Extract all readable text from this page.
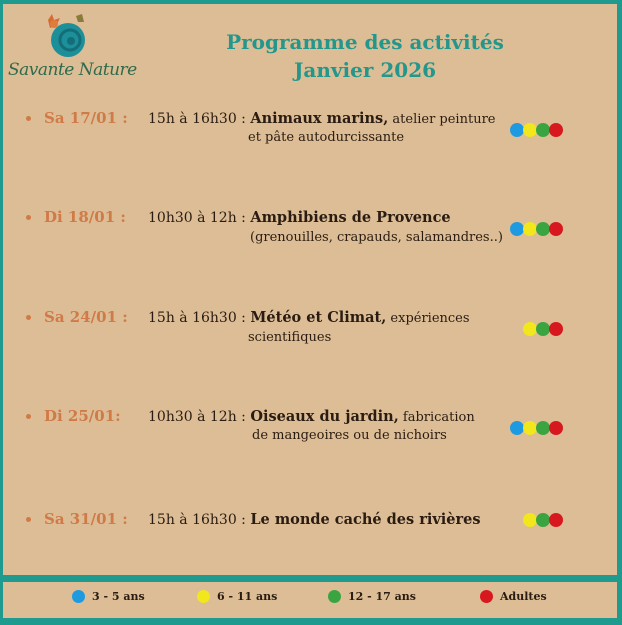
Savante Nature
Programme des activités
Janvier 2026
Sa 17/01 : 15h à 16h30 : Animaux marins, atelier peinture
et pâte autodurcissante
Di 18/01 : 10h30 à 12h : Amphibiens de Provence
(grenouilles, crapauds, salamandres..)
Sa 24/01 : 15h à 16h30 : Météo et Climat, expériences
scientifiques
Di 25/01: 10h30 à 12h : Oiseaux du jardin, fabrication
de mangeoires ou de nichoirs
Sa 31/01 : 15h à 16h30 : Le monde caché des rivières
3 - 5 ans	6 - 11 ans	12 - 17 ans	Adultes
